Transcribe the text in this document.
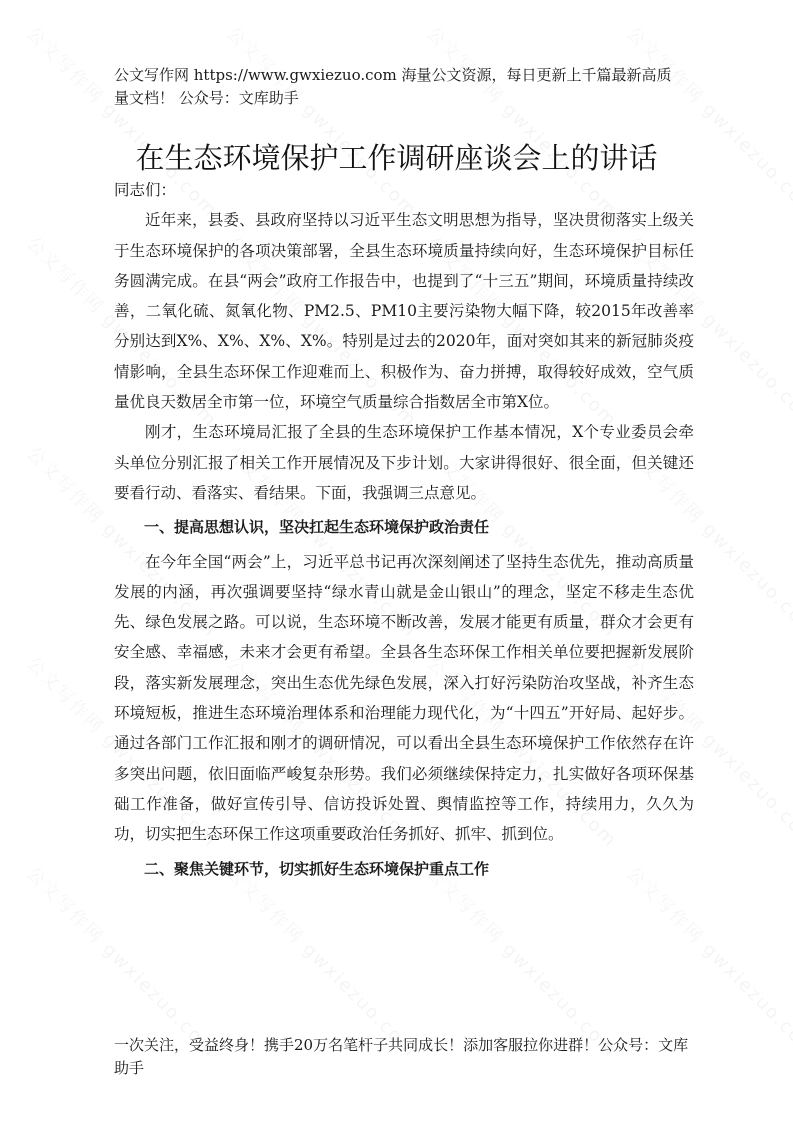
公文写作网 https://www.gwxiezuo.com 海量公文资源，每日更新上千篇最新高质量文档！ 公众号：文库助手
在生态环境保护工作调研座谈会上的讲话

同志们：

近年来，县委、县政府坚持以习近平生态文明思想为指导，坚决贯彻落实上级关于生态环境保护的各项决策部署，全县生态环境质量持续向好，生态环境保护目标任务圆满完成。在县“两会”政府工作报告中，也提到了“十三五”期间，环境质量持续改善，二氧化硫、氮氧化物、PM2.5、PM10主要污染物大幅下降，较2015年改善率分别达到X%、X%、X%、X%。特别是过去的2020年，面对突如其来的新冠肺炎疫情影响，全县生态环保工作迎难而上、积极作为、奋力拼搏，取得较好成效，空气质量优良天数居全市第一位，环境空气质量综合指数居全市第X位。

刚才，生态环境局汇报了全县的生态环境保护工作基本情况，X个专业委员会牵头单位分别汇报了相关工作开展情况及下步计划。大家讲得很好、很全面，但关键还要看行动、看落实、看结果。下面，我强调三点意见。

一、提高思想认识，坚决扛起生态环境保护政治责任

在今年全国“两会”上，习近平总书记再次深刻阐述了坚持生态优先，推动高质量发展的内涵，再次强调要坚持“绿水青山就是金山银山”的理念，坚定不移走生态优先、绿色发展之路。可以说，生态环境不断改善，发展才能更有质量，群众才会更有安全感、幸福感，未来才会更有希望。全县各生态环保工作相关单位要把握新发展阶段，落实新发展理念，突出生态优先绿色发展，深入打好污染防治攻坚战，补齐生态环境短板，推进生态环境治理体系和治理能力现代化，为“十四五”开好局、起好步。通过各部门工作汇报和刚才的调研情况，可以看出全县生态环境保护工作依然存在许多突出问题，依旧面临严峻复杂形势。我们必须继续保持定力，扎实做好各项环保基础工作准备，做好宣传引导、信访投诉处置、舆情监控等工作，持续用力，久久为功，切实把生态环保工作这项重要政治任务抓好、抓牢、抓到位。

二、聚焦关键环节，切实抓好生态环境保护重点工作

一次关注，受益终身！携手20万名笔杆子共同成长！添加客服拉你进群！公众号：文库助手
